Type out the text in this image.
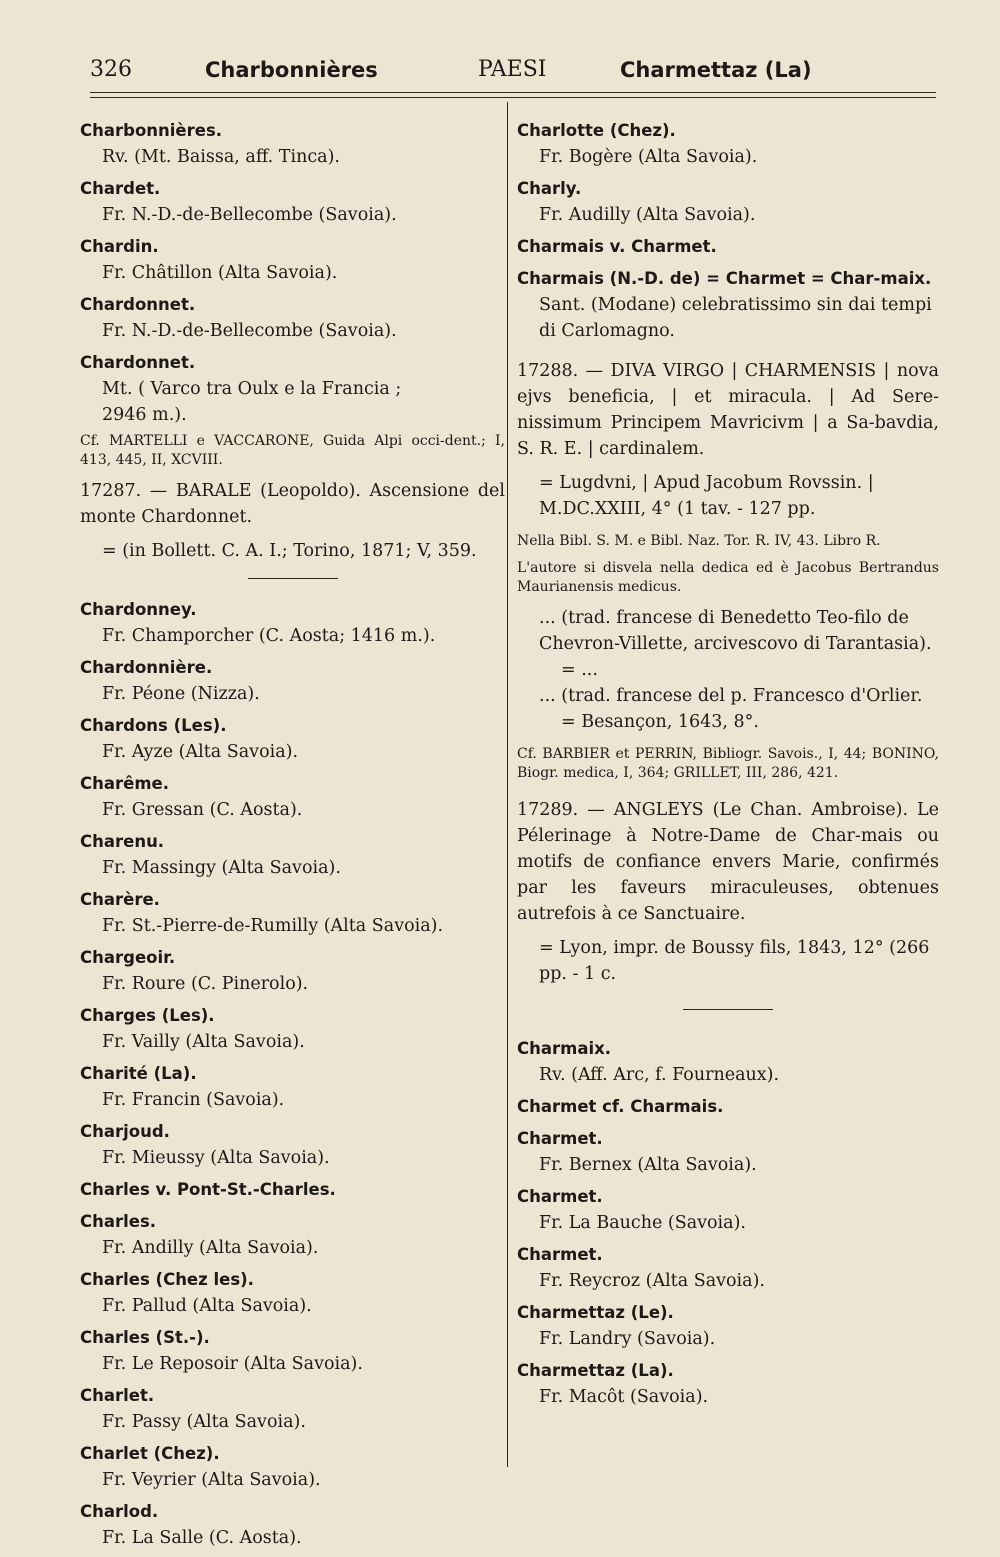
326	Charbonnières	PAESI	Charmettaz (La)
Charbonnières.
Rv. (Mt. Baissa, aff. Tinca).
Chardet.
Fr. N.-D.-de-Bellecombe (Savoia).
Chardin.
Fr. Châtillon (Alta Savoia).
Chardonnet.
Fr. N.-D.-de-Bellecombe (Savoia).
Chardonnet.
Mt. ( Varco tra Oulx e la Francia ;
2946 m.).
Cf. MARTELLI e VACCARONE, Guida Alpi occi-dent.; I, 413, 445, II, XCVIII.
17287. — BARALE (Leopoldo). Ascensione del monte Chardonnet.
= (in Bollett. C. A. I.; Torino, 1871; V, 359.
Chardonney.
Fr. Champorcher (C. Aosta; 1416 m.).
Chardonnière.
Fr. Péone (Nizza).
Chardons (Les).
Fr. Ayze (Alta Savoia).
Charême.
Fr. Gressan (C. Aosta).
Charenu.
Fr. Massingy (Alta Savoia).
Charère.
Fr. St.-Pierre-de-Rumilly (Alta Savoia).
Chargeoir.
Fr. Roure (C. Pinerolo).
Charges (Les).
Fr. Vailly (Alta Savoia).
Charité (La).
Fr. Francin (Savoia).
Charjoud.
Fr. Mieussy (Alta Savoia).
Charles v. Pont-St.-Charles.
Charles.
Fr. Andilly (Alta Savoia).
Charles (Chez les).
Fr. Pallud (Alta Savoia).
Charles (St.-).
Fr. Le Reposoir (Alta Savoia).
Charlet.
Fr. Passy (Alta Savoia).
Charlet (Chez).
Fr. Veyrier (Alta Savoia).
Charlod.
Fr. La Salle (C. Aosta).
Charlotte (Chez).
Fr. Bogère (Alta Savoia).
Charly.
Fr. Audilly (Alta Savoia).
Charmais v. Charmet.
Charmais (N.-D. de) = Charmet = Char-maix.
Sant. (Modane) celebratissimo sin dai tempi di Carlomagno.
17288. — DIVA VIRGO | CHARMENSIS | nova ejvs beneficia, | et miracula. | Ad Sere-nissimum Principem Mavricivm | a Sa-bavdia, S. R. E. | cardinalem.
= Lugdvni, | Apud Jacobum Rovssin. | M.DC.XXIII, 4° (1 tav. - 127 pp.
Nella Bibl. S. M. e Bibl. Naz. Tor. R. IV, 43. Libro R.
L'autore si disvela nella dedica ed è Jacobus Bertrandus Maurianensis medicus.
... (trad. francese di Benedetto Teo-filo de Chevron-Villette, arcivescovo di Tarantasia).
= ...
... (trad. francese del p. Francesco d'Orlier.
= Besançon, 1643, 8°.
Cf. BARBIER et PERRIN, Bibliogr. Savois., I, 44; BONINO, Biogr. medica, I, 364; GRILLET, III, 286, 421.
17289. — ANGLEYS (Le Chan. Ambroise). Le Pélerinage à Notre-Dame de Char-mais ou motifs de confiance envers Marie, confirmés par les faveurs miraculeuses, obtenues autrefois à ce Sanctuaire.
= Lyon, impr. de Boussy fils, 1843, 12° (266 pp. - 1 c.
Charmaix.
Rv. (Aff. Arc, f. Fourneaux).
Charmet cf. Charmais.
Charmet.
Fr. Bernex (Alta Savoia).
Charmet.
Fr. La Bauche (Savoia).
Charmet.
Fr. Reycroz (Alta Savoia).
Charmettaz (Le).
Fr. Landry (Savoia).
Charmettaz (La).
Fr. Macôt (Savoia).
